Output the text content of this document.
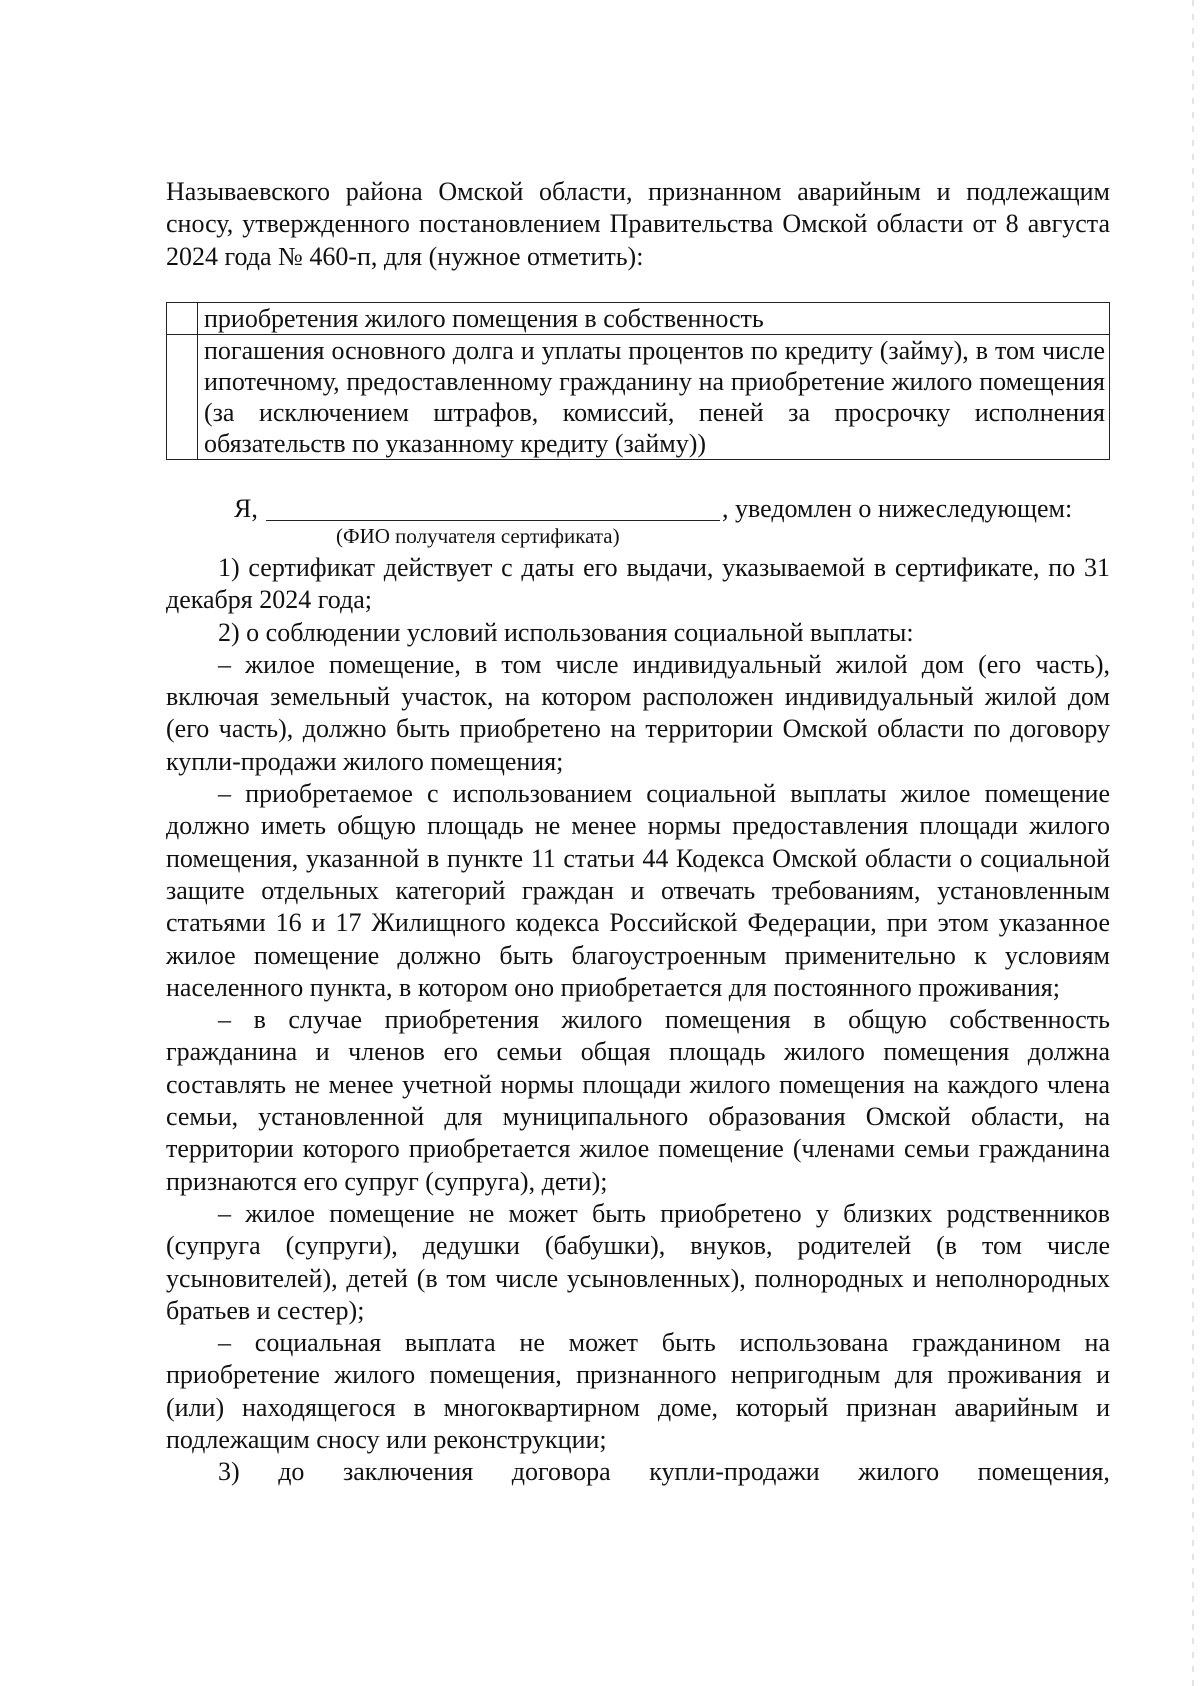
Называевского района Омской области, признанном аварийным и подлежащим сносу, утвержденного постановлением Правительства Омской области от 8 августа 2024 года № 460-п, для (нужное отметить):

	приобретения жилого помещения в собственность
	погашения основного долга и уплаты процентов по кредиту (займу), в том числе ипотечному, предоставленному гражданину на приобретение жилого помещения (за исключением штрафов, комиссий, пеней за просрочку исполнения обязательств по указанному кредиту (займу))
Я,	, уведомлен о нижеследующем:
(ФИО получателя сертификата)

1) сертификат действует с даты его выдачи, указываемой в сертификате, по 31 декабря 2024 года;

2) о соблюдении условий использования социальной выплаты:

– жилое помещение, в том числе индивидуальный жилой дом (его часть), включая земельный участок, на котором расположен индивидуальный жилой дом (его часть), должно быть приобретено на территории Омской области по договору купли-продажи жилого помещения;

– приобретаемое с использованием социальной выплаты жилое помещение должно иметь общую площадь не менее нормы предоставления площади жилого помещения, указанной в пункте 11 статьи 44 Кодекса Омской области о социальной защите отдельных категорий граждан и отвечать требованиям, установленным статьями 16 и 17 Жилищного кодекса Российской Федерации, при этом указанное жилое помещение должно быть благоустроенным применительно к условиям населенного пункта, в котором оно приобретается для постоянного проживания;

– в случае приобретения жилого помещения в общую собственность гражданина и членов его семьи общая площадь жилого помещения должна составлять не менее учетной нормы площади жилого помещения на каждого члена семьи, установленной для муниципального образования Омской области, на территории которого приобретается жилое помещение (членами семьи гражданина признаются его супруг (супруга), дети);

– жилое помещение не может быть приобретено у близких родственников (супруга (супруги), дедушки (бабушки), внуков, родителей (в том числе усыновителей), детей (в том числе усыновленных), полнородных и неполнородных братьев и сестер);

– социальная выплата не может быть использована гражданином на приобретение жилого помещения, признанного непригодным для проживания и (или) находящегося в многоквартирном доме, который признан аварийным и подлежащим сносу или реконструкции;

3) до заключения договора купли-продажи жилого помещения,
